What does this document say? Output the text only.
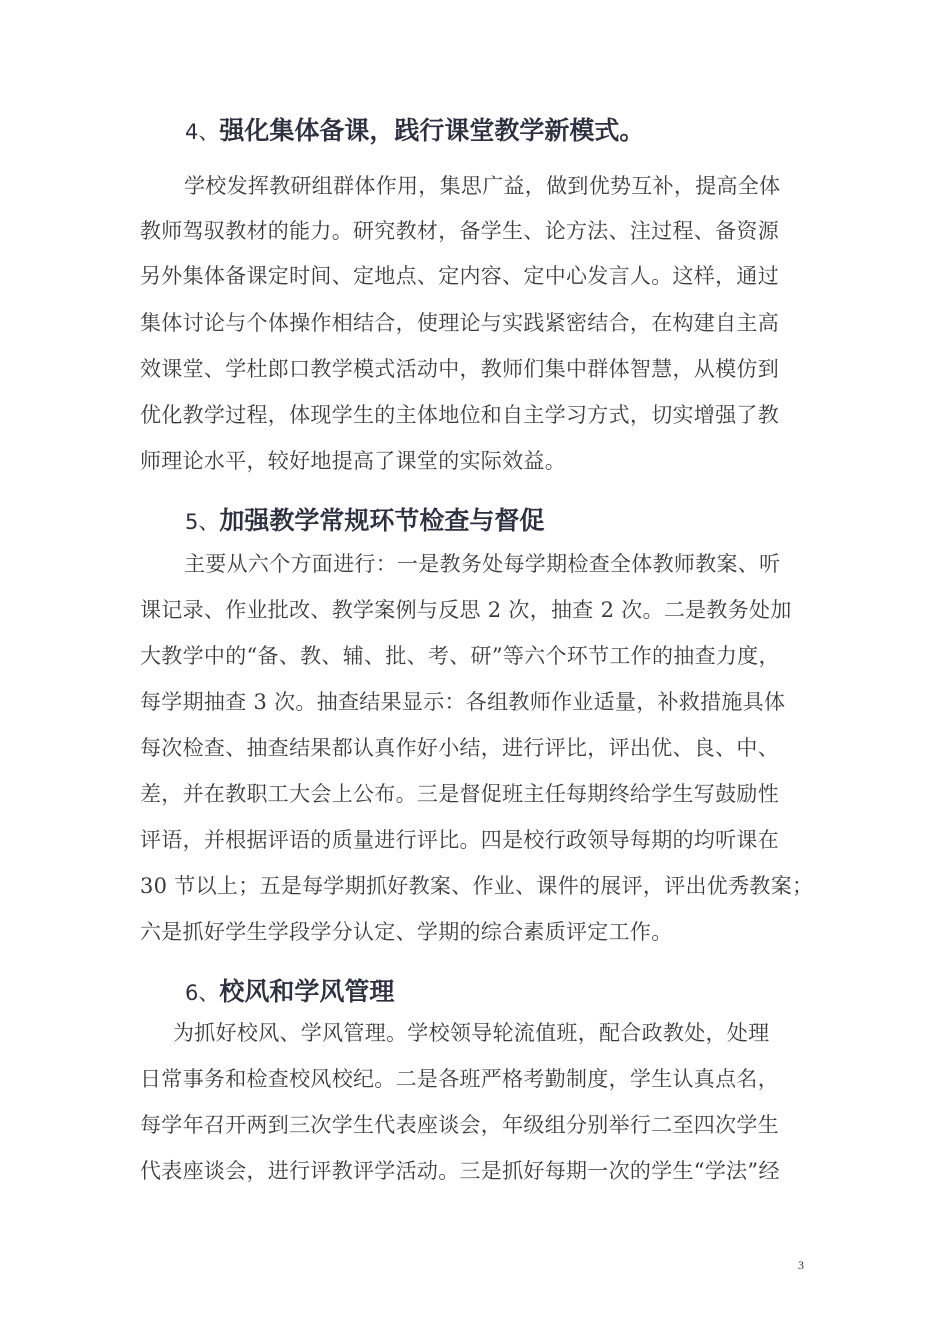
4、强化集体备课，践行课堂教学新模式。
学校发挥教研组群体作用，集思广益，做到优势互补，提高全体
教师驾驭教材的能力。研究教材，备学生、论方法、注过程、备资源
另外集体备课定时间、定地点、定内容、定中心发言人。这样，通过
集体讨论与个体操作相结合，使理论与实践紧密结合，在构建自主高
效课堂、学杜郎口教学模式活动中，教师们集中群体智慧，从模仿到
优化教学过程，体现学生的主体地位和自主学习方式，切实增强了教
师理论水平，较好地提高了课堂的实际效益。
5、加强教学常规环节检查与督促
主要从六个方面进行：一是教务处每学期检查全体教师教案、听
课记录、作业批改、教学案例与反思 2 次，抽查 2 次。二是教务处加
大教学中的“备、教、辅、批、考、研”等六个环节工作的抽查力度，
每学期抽查 3 次。抽查结果显示：各组教师作业适量，补救措施具体
每次检查、抽查结果都认真作好小结，进行评比，评出优、良、中、
差，并在教职工大会上公布。三是督促班主任每期终给学生写鼓励性
评语，并根据评语的质量进行评比。四是校行政领导每期的均听课在
30 节以上；五是每学期抓好教案、作业、课件的展评，评出优秀教案；
六是抓好学生学段学分认定、学期的综合素质评定工作。
6、校风和学风管理
为抓好校风、学风管理。学校领导轮流值班，配合政教处，处理
日常事务和检查校风校纪。二是各班严格考勤制度，学生认真点名，
每学年召开两到三次学生代表座谈会，年级组分别举行二至四次学生
代表座谈会，进行评教评学活动。三是抓好每期一次的学生“学法”经
3
